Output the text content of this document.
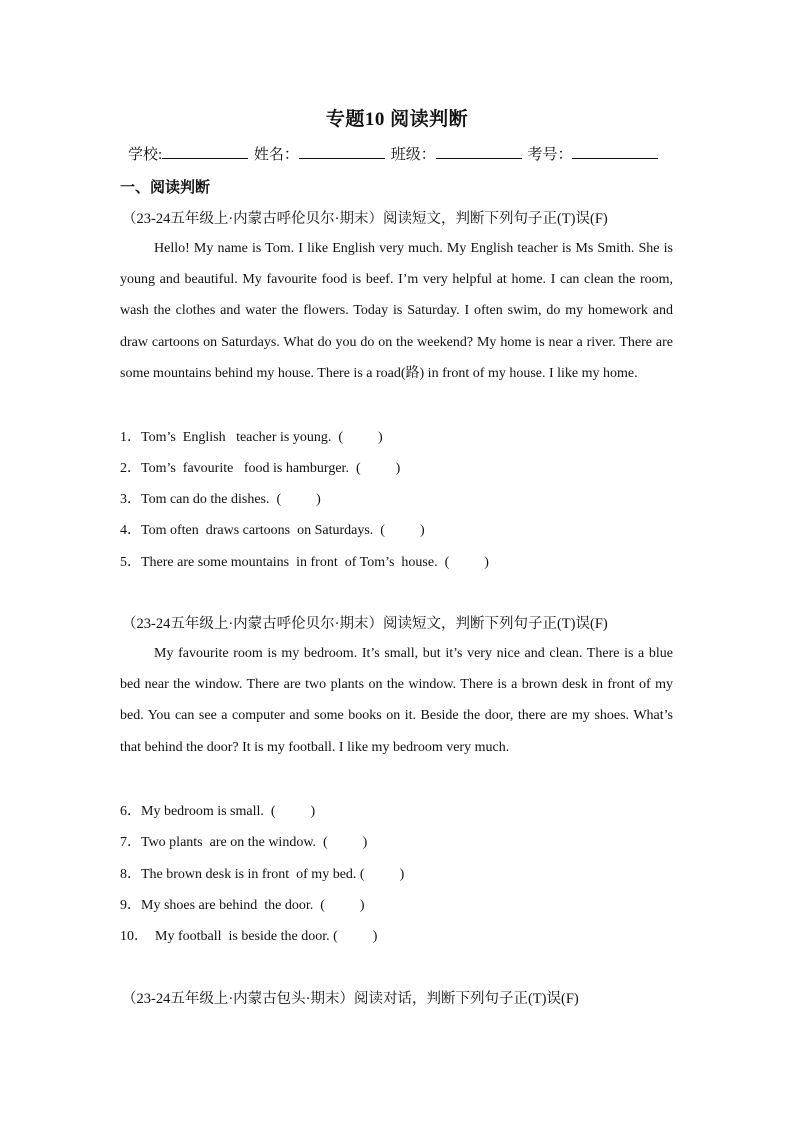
专题10 阅读判断
学校:	姓名：	班级：	考号：
一、阅读判断
（23-24五年级上·内蒙古呼伦贝尔·期末）阅读短文，判断下列句子正(T)误(F)
Hello! My name is Tom. I like English very much. My English teacher is Ms Smith. She is young and beautiful. My favourite food is beef. I’m very helpful at home. I can clean the room, wash the clothes and water the flowers. Today is Saturday. I often swim, do my homework and draw cartoons on Saturdays. What do you do on the weekend? My home is near a river. There are some mountains behind my house. There is a road(路) in front of my house. I like my home.
1．Tom’s  English   teacher is young.  (          )
2．Tom’s  favourite   food is hamburger.  (          )
3．Tom can do the dishes.  (          )
4．Tom often  draws cartoons  on Saturdays.  (          )
5．There are some mountains  in front  of Tom’s  house.  (          )
（23-24五年级上·内蒙古呼伦贝尔·期末）阅读短文，判断下列句子正(T)误(F)
My favourite room is my bedroom. It’s small, but it’s very nice and clean. There is a blue bed near the window. There are two plants on the window. There is a brown desk in front of my bed. You can see a computer and some books on it. Beside the door, there are my shoes. What’s that behind the door? It is my football. I like my bedroom very much.
6．My bedroom is small.  (          )
7．Two plants  are on the window.  (          )
8．The brown desk is in front  of my bed. (          )
9．My shoes are behind  the door.  (          )
10．  My football  is beside the door. (          )
（23-24五年级上·内蒙古包头·期末）阅读对话，判断下列句子正(T)误(F)
